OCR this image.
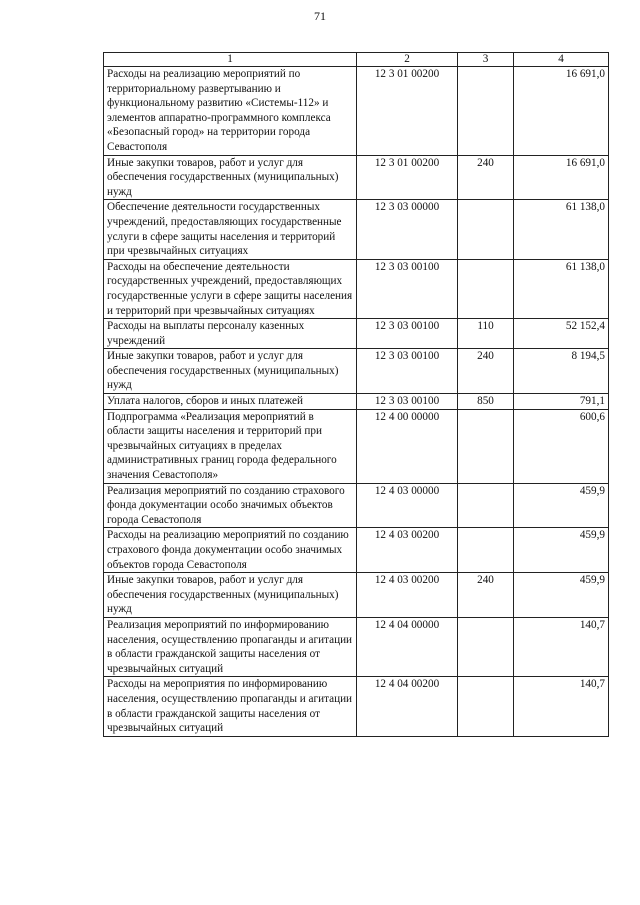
71
1	2	3	4
Расходы на реализацию мероприятий по территориальному развертыванию и функциональному развитию «Системы-112» и элементов аппаратно-программного комплекса «Безопасный город» на территории города Севастополя	12 3 01 00200		16 691,0
Иные закупки товаров, работ и услуг для обеспечения государственных (муниципальных) нужд	12 3 01 00200	240	16 691,0
Обеспечение деятельности государственных учреждений, предоставляющих государственные услуги в сфере защиты населения и территорий при чрезвычайных ситуациях	12 3 03 00000		61 138,0
Расходы на обеспечение деятельности государственных учреждений, предоставляющих государственные услуги в сфере защиты населения и территорий при чрезвычайных ситуациях	12 3 03 00100		61 138,0
Расходы на выплаты персоналу казенных учреждений	12 3 03 00100	110	52 152,4
Иные закупки товаров, работ и услуг для обеспечения государственных (муниципальных) нужд	12 3 03 00100	240	8 194,5
Уплата налогов, сборов и иных платежей	12 3 03 00100	850	791,1
Подпрограмма «Реализация мероприятий в области защиты населения и территорий при чрезвычайных ситуациях в пределах административных границ города федерального значения Севастополя»	12 4 00 00000		600,6
Реализация мероприятий по созданию страхового фонда документации особо значимых объектов города Севастополя	12 4 03 00000		459,9
Расходы на реализацию мероприятий по созданию страхового фонда документации особо значимых объектов города Севастополя	12 4 03 00200		459,9
Иные закупки товаров, работ и услуг для обеспечения государственных (муниципальных) нужд	12 4 03 00200	240	459,9
Реализация мероприятий по информированию населения, осуществлению пропаганды и агитации в области гражданской защиты населения от чрезвычайных ситуаций	12 4 04 00000		140,7
Расходы на мероприятия по информированию населения, осуществлению пропаганды и агитации в области гражданской защиты населения от чрезвычайных ситуаций	12 4 04 00200		140,7
